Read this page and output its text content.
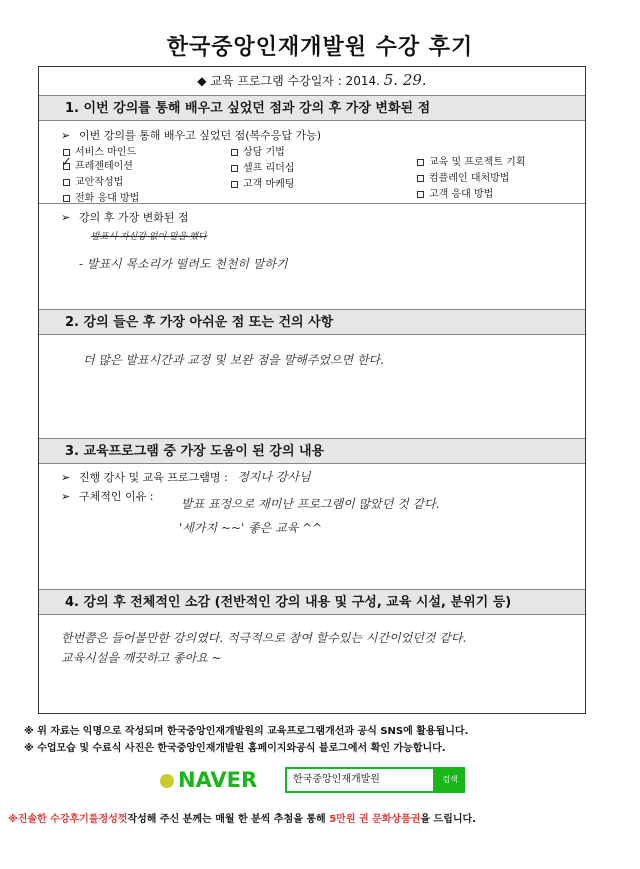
한국중앙인재개발원 수강 후기
◆ 교육 프로그램 수강일자 : 2014. 5. 29.
1. 이번 강의를 통해 배우고 싶었던 점과 강의 후 가장 변화된 점
➢ 이번 강의를 통해 배우고 싶었던 점(복수응답 가능)
서비스 마인드
✓ 프레젠테이션
교안작성법
전화 응대 방법
상담 기법
셀프 리더십
고객 마케팅
교육 및 프로젝트 기획
컴플레인 대처방법
고객 응대 방법
➢ 강의 후 가장 변화된 점
발표시 자신감 없이 말을 했다
- 발표시 목소리가 떨려도 천천히 말하기
2. 강의 들은 후 가장 아쉬운 점 또는 건의 사항
더 많은 발표시간과 교정 및 보완 점을 말해주었으면 한다.
3. 교육프로그램 중 가장 도움이 된 강의 내용
➢ 진행 강사 및 교육 프로그램명 : 정지나 강사님
➢ 구체적인 이유 :
발표 표정으로 재미난 프로그램이 많았던 것 같다.
'세가지 ~~' 좋은 교육 ^^
4. 강의 후 전체적인 소감 (전반적인 강의 내용 및 구성, 교육 시설, 분위기 등)
한번쯤은 들어볼만한 강의였다. 적극적으로 참여 할수있는 시간이었던것 같다.
교육시설을 깨끗하고 좋아요 ~
※ 위 자료는 익명으로 작성되며 한국중앙인재개발원의 교육프로그램개선과 공식 SNS에 활용됩니다.
※ 수업모습 및 수료식 사진은 한국중앙인재개발원 홈페이지와공식 블로그에서 확인 가능합니다.
NAVER	한국중앙인재개발원	검색
※진솔한 수강후기를정성껏작성해 주신 분께는 매월 한 분씩 추첨을 통해 5만원 권 문화상품권을 드립니다.
